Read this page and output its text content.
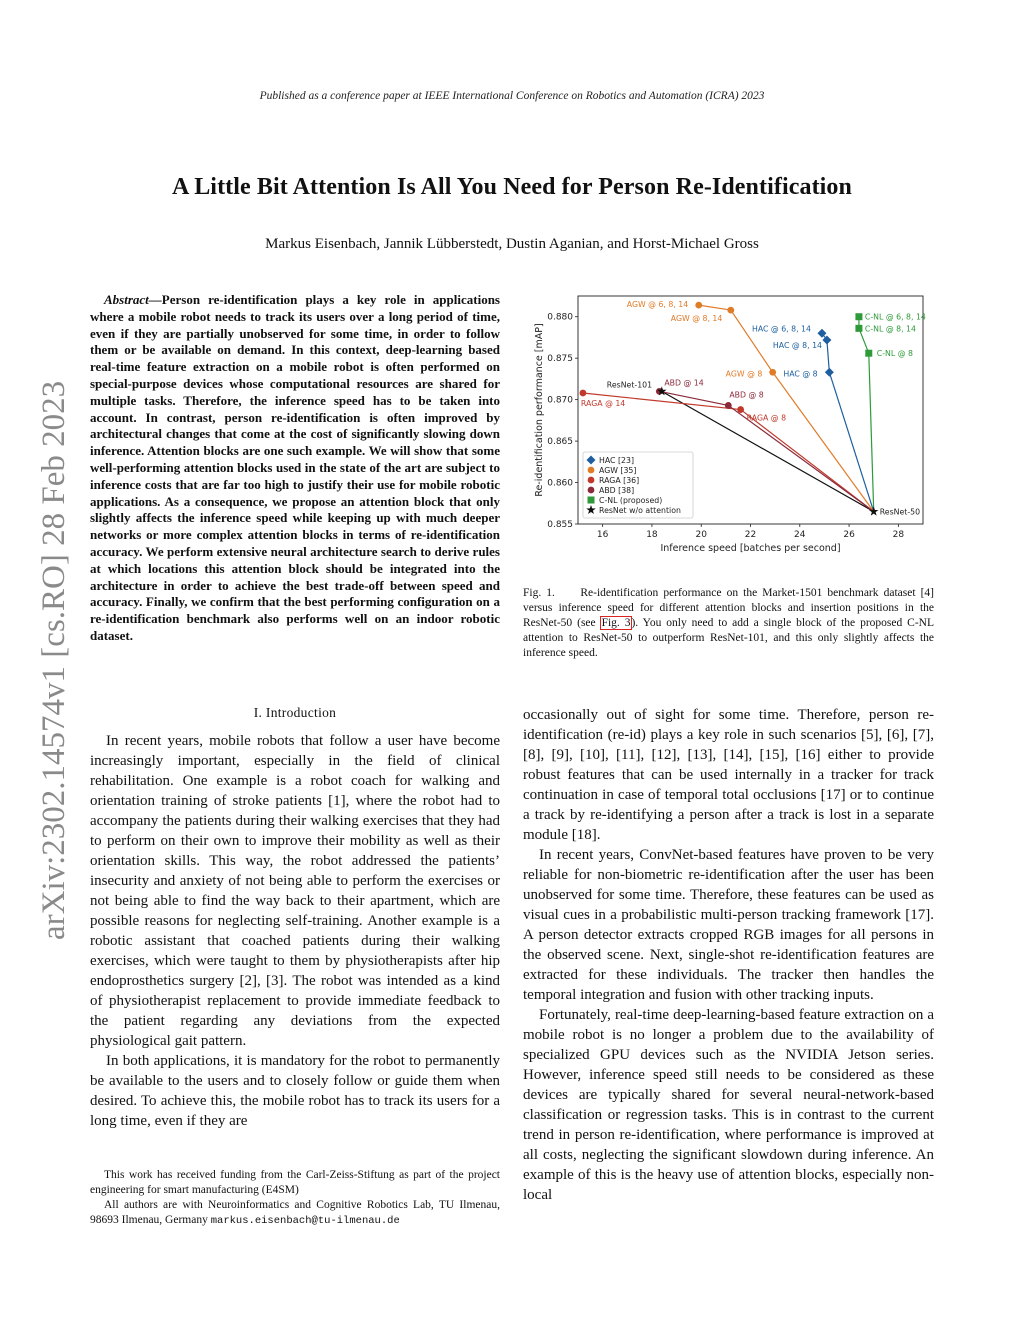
Published as a conference paper at IEEE International Conference on Robotics and Automation (ICRA) 2023
A Little Bit Attention Is All You Need for Person Re-Identification
Markus Eisenbach, Jannik Lübberstedt, Dustin Aganian, and Horst-Michael Gross
arXiv:2302.14574v1 [cs.RO] 28 Feb 2023

Abstract—Person re-identification plays a key role in applications where a mobile robot needs to track its users over a long period of time, even if they are partially unobserved for some time, in order to follow them or be available on demand. In this context, deep-learning based real-time feature extraction on a mobile robot is often performed on special-purpose devices whose computational resources are shared for multiple tasks. Therefore, the inference speed has to be taken into account. In contrast, person re-identification is often improved by architectural changes that come at the cost of significantly slowing down inference. Attention blocks are one such example. We will show that some well-performing attention blocks used in the state of the art are subject to inference costs that are far too high to justify their use for mobile robotic applications. As a consequence, we propose an attention block that only slightly affects the inference speed while keeping up with much deeper networks or more complex attention blocks in terms of re-identification accuracy. We perform extensive neural architecture search to derive rules at which locations this attention block should be integrated into the architecture in order to achieve the best trade-off between speed and accuracy. Finally, we confirm that the best performing configuration on a re-identification benchmark also performs well on an indoor robotic dataset.

I. Introduction

In recent years, mobile robots that follow a user have become increasingly important, especially in the field of clinical rehabilitation. One example is a robot coach for walking and orientation training of stroke patients [1], where the robot had to accompany the patients during their walking exercises that they had to perform on their own to improve their mobility as well as their orientation skills. This way, the robot addressed the patients’ insecurity and anxiety of not being able to perform the exercises or not being able to find the way back to their apartment, which are possible reasons for neglecting self-training. Another example is a robotic assistant that coached patients during their walking exercises, which were taught to them by physiotherapists after hip endoprosthetics surgery [2], [3]. The robot was intended as a kind of physiotherapist replacement to provide immediate feedback to the patient regarding any deviations from the expected physiological gait pattern.

In both applications, it is mandatory for the robot to permanently be available to the users and to closely follow or guide them when desired. To achieve this, the mobile robot has to track its users for a long time, even if they are

occasionally out of sight for some time. Therefore, person re-identification (re-id) plays a key role in such scenarios [5], [6], [7], [8], [9], [10], [11], [12], [13], [14], [15], [16] either to provide robust features that can be used internally in a tracker for track continuation in case of temporal total occlusions [17] or to continue a track by re-identifying a person after a track is lost in a separate module [18].

In recent years, ConvNet-based features have proven to be very reliable for non-biometric re-identification after the user has been unobserved for some time. Therefore, these features can be used as visual cues in a probabilistic multi-person tracking framework [17]. A person detector extracts cropped RGB images for all persons in the observed scene. Next, single-shot re-identification features are extracted for these individuals. The tracker then handles the temporal integration and fusion with other tracking inputs.

Fortunately, real-time deep-learning-based feature extraction on a mobile robot is no longer a problem due to the availability of specialized GPU devices such as the NVIDIA Jetson series. However, inference speed still needs to be considered as these devices are typically shared for several neural-network-based classification or regression tasks. This is in contrast to the current trend in person re-identification, where performance is improved at all costs, neglecting the significant slowdown during inference. An example of this is the heavy use of attention blocks, especially non-local

This work has received funding from the Carl-Zeiss-Stiftung as part of the project engineering for smart manufacturing (E4SM)

All authors are with Neuroinformatics and Cognitive Robotics Lab, TU Ilmenau, 98693 Ilmenau, Germany markus.eisenbach@tu-ilmenau.de

16	18	20	22	24	26	28
0.855
0.860
0.865
0.870
0.875
0.880
Inference speed [batches per second]
Re-identification performance [mAP]	HAC @ 6, 8, 14
HAC @ 8, 14
HAC @ 8
AGW @ 6, 8, 14
AGW @ 8, 14
AGW @ 8
RAGA @ 14
RAGA @ 8
ABD @ 14
ABD @ 8
C-NL @ 6, 8, 14
C-NL @ 8, 14
C-NL @ 8
ResNet-50
ResNet-101
HAC [23]
AGW [35]
RAGA [36]
ABD [38]
C-NL (proposed)
ResNet w/o attention
Fig. 1. Re-identification performance on the Market-1501 benchmark dataset [4] versus inference speed for different attention blocks and insertion positions in the ResNet-50 (see Fig. 3). You only need to add a single block of the proposed C-NL attention to ResNet-50 to outperform ResNet-101, and this only slightly affects the inference speed.
